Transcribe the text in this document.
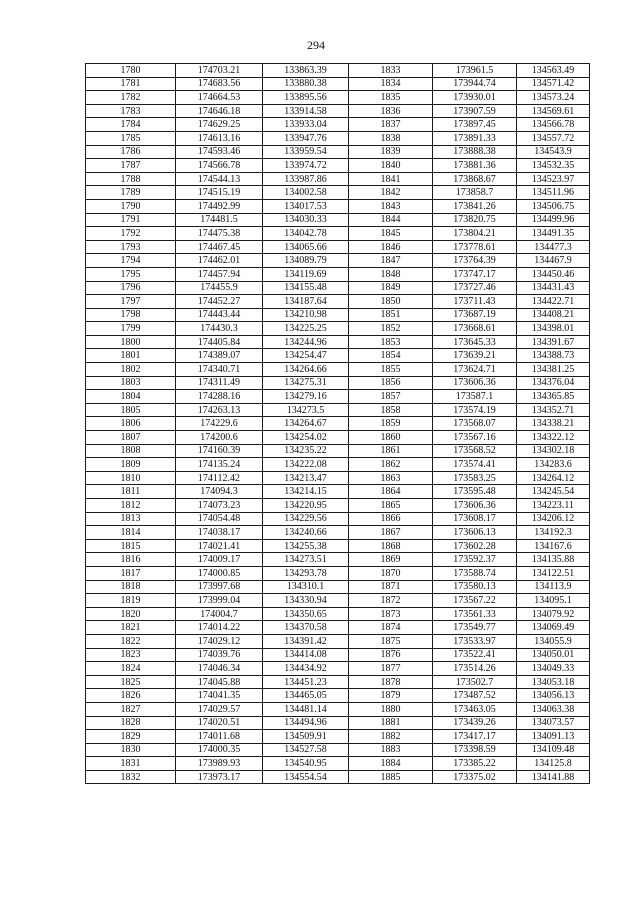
294
1780	174703.21	133863.39	1833	173961.5	134563.49
1781	174683.56	133880.38	1834	173944.74	134571.42
1782	174664.53	133895.56	1835	173930.01	134573.24
1783	174646.18	133914.58	1836	173907.59	134569.61
1784	174629.25	133933.04	1837	173897.45	134566.78
1785	174613.16	133947.76	1838	173891.33	134557.72
1786	174593.46	133959.54	1839	173888.38	134543.9
1787	174566.78	133974.72	1840	173881.36	134532.35
1788	174544.13	133987.86	1841	173868.67	134523.97
1789	174515.19	134002.58	1842	173858.7	134511.96
1790	174492.99	134017.53	1843	173841.26	134506.75
1791	174481.5	134030.33	1844	173820.75	134499.96
1792	174475.38	134042.78	1845	173804.21	134491.35
1793	174467.45	134065.66	1846	173778.61	134477.3
1794	174462.01	134089.79	1847	173764.39	134467.9
1795	174457.94	134119.69	1848	173747.17	134450.46
1796	174455.9	134155.48	1849	173727.46	134431.43
1797	174452.27	134187.64	1850	173711.43	134422.71
1798	174443.44	134210.98	1851	173687.19	134408.21
1799	174430.3	134225.25	1852	173668.61	134398.01
1800	174405.84	134244.96	1853	173645.33	134391.67
1801	174389.07	134254.47	1854	173639.21	134388.73
1802	174340.71	134264.66	1855	173624.71	134381.25
1803	174311.49	134275.31	1856	173606.36	134376.04
1804	174288.16	134279.16	1857	173587.1	134365.85
1805	174263.13	134273.5	1858	173574.19	134352.71
1806	174229.6	134264.67	1859	173568.07	134338.21
1807	174200.6	134254.02	1860	173567.16	134322.12
1808	174160.39	134235.22	1861	173568.52	134302.18
1809	174135.24	134222.08	1862	173574.41	134283.6
1810	174112.42	134213.47	1863	173583.25	134264.12
1811	174094.3	134214.15	1864	173595.48	134245.54
1812	174073.23	134220.95	1865	173606.36	134223.11
1813	174054.48	134229.56	1866	173608.17	134206.12
1814	174038.17	134240.66	1867	173606.13	134192.3
1815	174021.41	134255.38	1868	173602.28	134167.6
1816	174009.17	134273.51	1869	173592.37	134135.88
1817	174000.85	134293.78	1870	173588.74	134122.51
1818	173997.68	134310.1	1871	173580.13	134113.9
1819	173999.04	134330.94	1872	173567.22	134095.1
1820	174004.7	134350.65	1873	173561.33	134079.92
1821	174014.22	134370.58	1874	173549.77	134069.49
1822	174029.12	134391.42	1875	173533.97	134055.9
1823	174039.76	134414.08	1876	173522.41	134050.01
1824	174046.34	134434.92	1877	173514.26	134049.33
1825	174045.88	134451.23	1878	173502.7	134053.18
1826	174041.35	134465.05	1879	173487.52	134056.13
1827	174029.57	134481.14	1880	173463.05	134063.38
1828	174020.51	134494.96	1881	173439.26	134073.57
1829	174011.68	134509.91	1882	173417.17	134091.13
1830	174000.35	134527.58	1883	173398.59	134109.48
1831	173989.93	134540.95	1884	173385.22	134125.8
1832	173973.17	134554.54	1885	173375.02	134141.88
